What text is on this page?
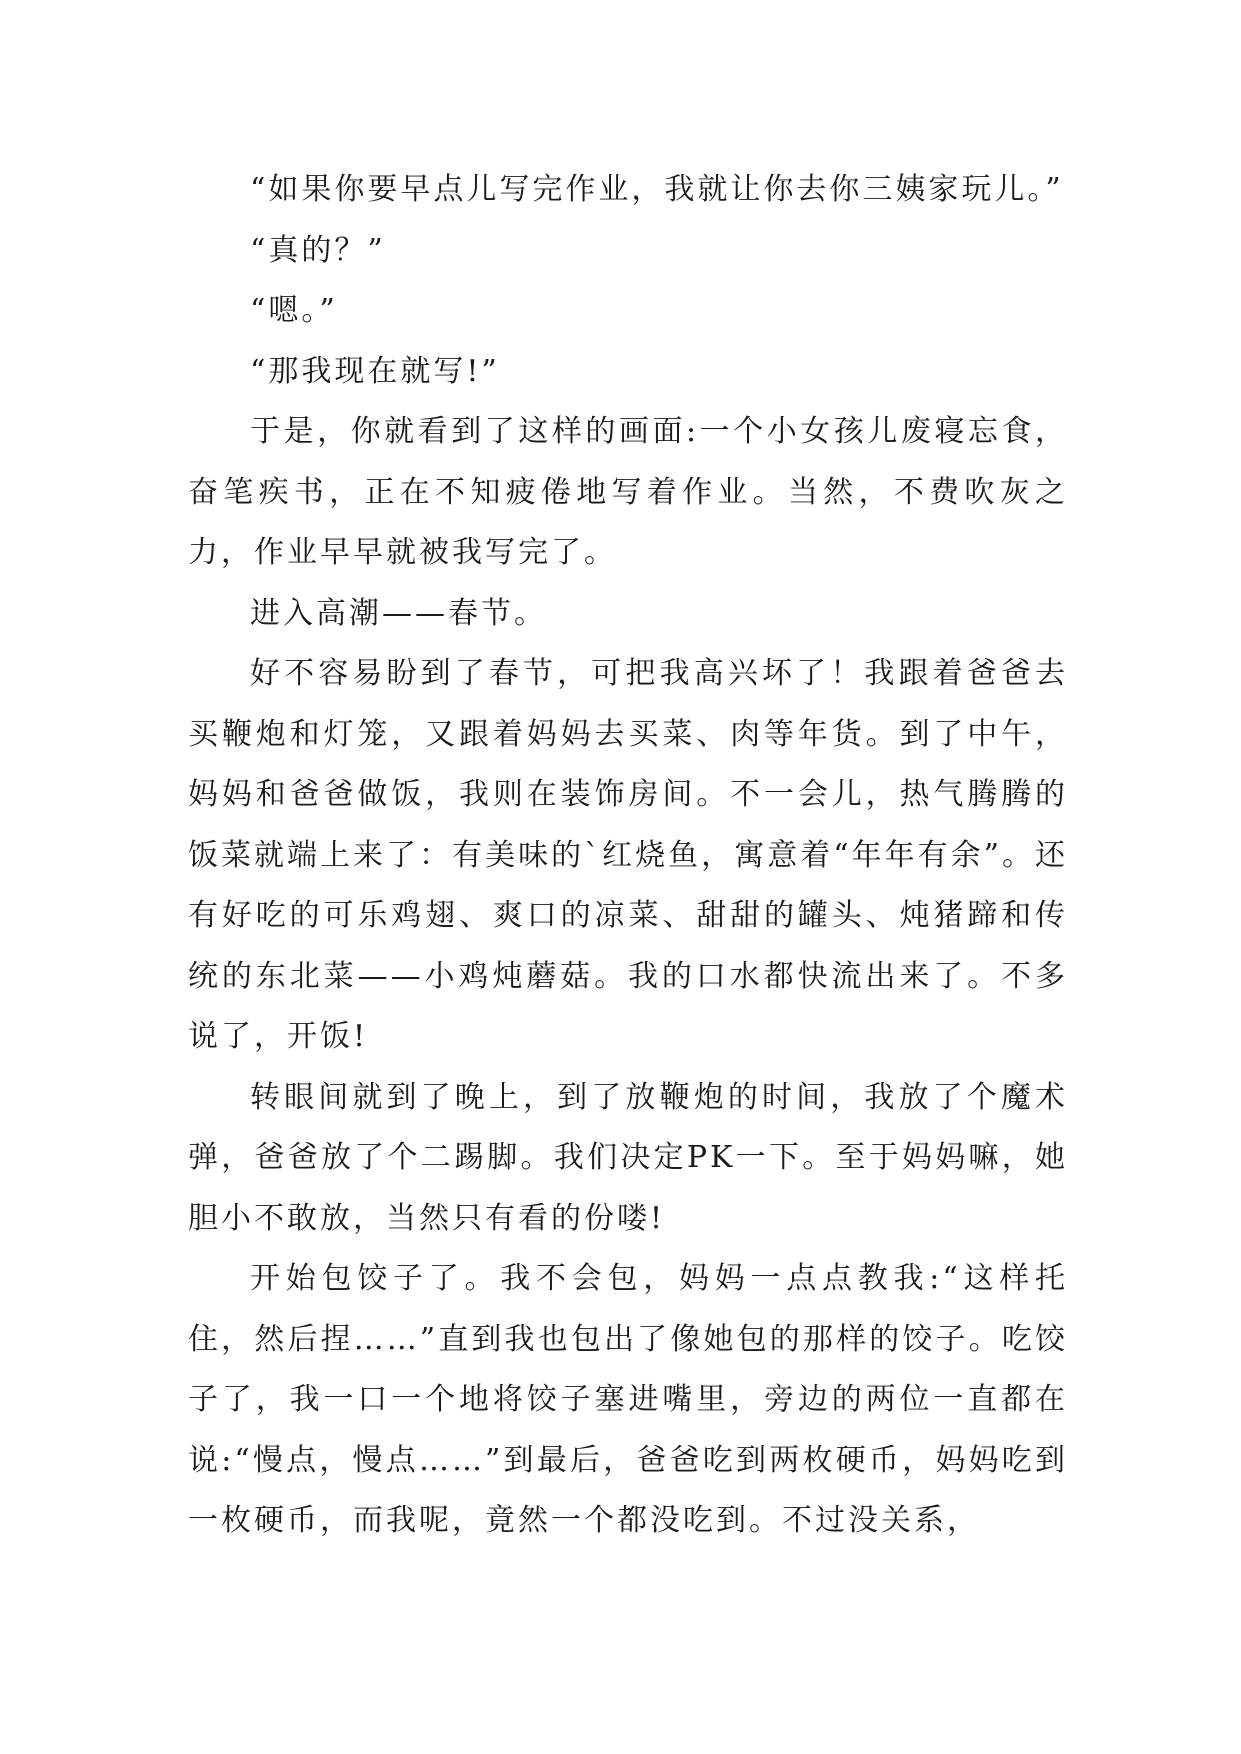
“如果你要早点儿写完作业，我就让你去你三姨家玩儿。”

“真的？”

“嗯。”

“那我现在就写!”

于是，你就看到了这样的画面:一个小女孩儿废寝忘食，奋笔疾书，正在不知疲倦地写着作业。当然，不费吹灰之力，作业早早就被我写完了。

进入高潮——春节。

好不容易盼到了春节，可把我高兴坏了！我跟着爸爸去买鞭炮和灯笼，又跟着妈妈去买菜、肉等年货。到了中午，妈妈和爸爸做饭，我则在装饰房间。不一会儿，热气腾腾的饭菜就端上来了：有美味的`红烧鱼，寓意着“年年有余”。还有好吃的可乐鸡翅、爽口的凉菜、甜甜的罐头、炖猪蹄和传统的东北菜——小鸡炖蘑菇。我的口水都快流出来了。不多说了，开饭!

转眼间就到了晚上，到了放鞭炮的时间，我放了个魔术弹，爸爸放了个二踢脚。我们决定PK一下。至于妈妈嘛，她胆小不敢放，当然只有看的份喽!

开始包饺子了。我不会包，妈妈一点点教我:“这样托住，然后捏……”直到我也包出了像她包的那样的饺子。吃饺子了，我一口一个地将饺子塞进嘴里，旁边的两位一直都在说:“慢点，慢点……”到最后，爸爸吃到两枚硬币，妈妈吃到一枚硬币，而我呢，竟然一个都没吃到。不过没关系，
